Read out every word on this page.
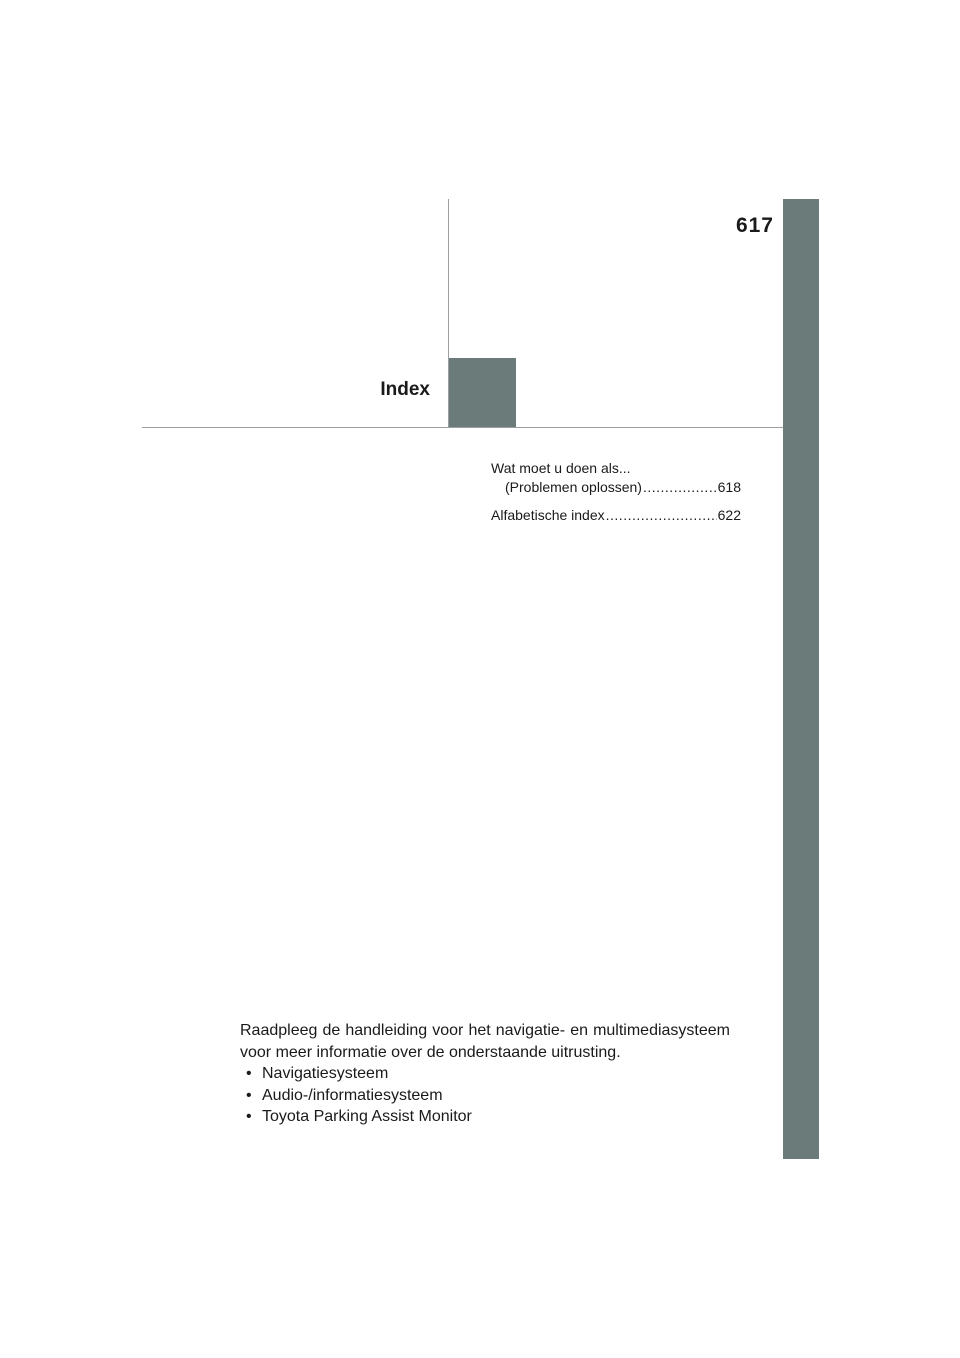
617
Index
Wat moet u doen als...
(Problemen oplossen) .....	618
Alfabetische index .....	622

Raadpleeg de handleiding voor het navigatie- en multimediasysteem voor meer informatie over de onderstaande uitrusting.

• Navigatiesysteem
• Audio-/informatiesysteem
• Toyota Parking Assist Monitor
